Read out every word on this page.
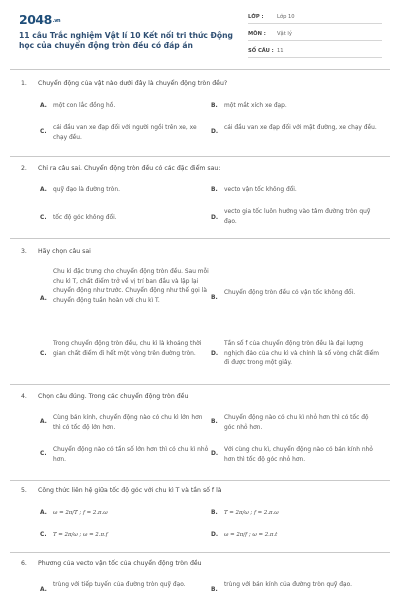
2048.vn
11 câu Trắc nghiệm Vật lí 10 Kết nối tri thức Động học của chuyển động tròn đều có đáp án
LỚP :	Lớp 10
MÔN :	Vật lý
SỐ CÂU : 11
1. Chuyển động của vật nào dưới đây là chuyển động tròn đều?
A. một con lắc đồng hồ.	B. một mắt xích xe đạp.
C.
cái đầu van xe đạp đối với người ngồi trên xe, xe chạy đều.
D.
cái đầu van xe đạp đối với mặt đường, xe chạy đều.
2. Chỉ ra câu sai. Chuyển động tròn đều có các đặc điểm sau:
A. quỹ đạo là đường tròn.	B. vecto vận tốc không đổi.
C. tốc độ góc không đổi.	D.
vecto gia tốc luôn hướng vào tâm đường tròn quỹ đạo.
3. Hãy chọn câu sai
A.
Chu kì đặc trưng cho chuyển động tròn đều. Sau mỗi chu kì T, chất điểm trở về vị trí ban đầu và lặp lại chuyển động như trước. Chuyển động như thế gọi là chuyển động tuần hoàn với chu kì T.	B.
Chuyển động tròn đều có vận tốc không đổi.
C.
Trong chuyển động tròn đều, chu kì là khoảng thời gian chất điểm đi hết một vòng trên đường tròn.	D.
Tần số f của chuyển động tròn đều là đại lượng nghịch đảo của chu kì và chính là số vòng chất điểm đi được trong một giây.
4. Chọn câu đúng. Trong các chuyển động tròn đều
A.
Cùng bán kính, chuyển động nào có chu kì lớn hơn thì có tốc độ lớn hơn.
B.
Chuyển động nào có chu kì nhỏ hơn thì có tốc độ góc nhỏ hơn.
C.
Chuyển động nào có tần số lớn hơn thì có chu kì nhỏ hơn.
D.
Với cùng chu kì, chuyển động nào có bán kính nhỏ hơn thì tốc độ góc nhỏ hơn.
5. Công thức liên hệ giữa tốc độ góc với chu kì T và tần số f là
A. ω = 2π/T ; f = 2.π.ω	B. T = 2π/ω ; f = 2.π.ω
C. T = 2π/ω ; ω = 2.π.f	D. ω = 2π/f ; ω = 2.π.t
6. Phương của vecto vận tốc của chuyển động tròn đều
A.
trùng với tiếp tuyến của đường tròn quỹ đạo.
B.
trùng với bán kính của đường tròn quỹ đạo.
